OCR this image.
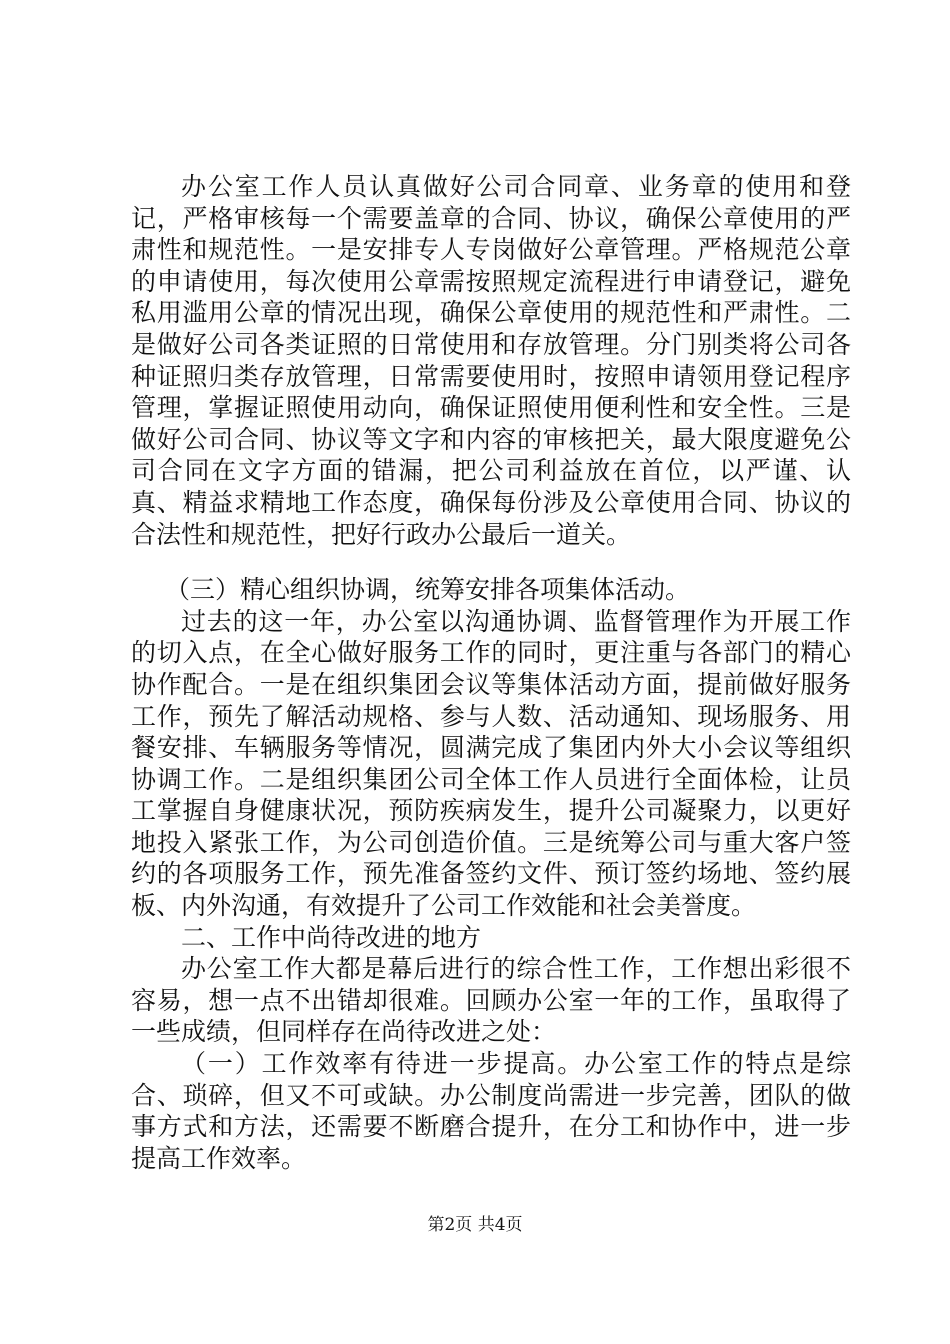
办公室工作人员认真做好公司合同章、业务章的使用和登记，严格审核每一个需要盖章的合同、协议，确保公章使用的严肃性和规范性。一是安排专人专岗做好公章管理。严格规范公章的申请使用，每次使用公章需按照规定流程进行申请登记，避免私用滥用公章的情况出现，确保公章使用的规范性和严肃性。二是做好公司各类证照的日常使用和存放管理。分门别类将公司各种证照归类存放管理，日常需要使用时，按照申请领用登记程序管理，掌握证照使用动向，确保证照使用便利性和安全性。三是做好公司合同、协议等文字和内容的审核把关，最大限度避免公司合同在文字方面的错漏，把公司利益放在首位，以严谨、认真、精益求精地工作态度，确保每份涉及公章使用合同、协议的合法性和规范性，把好行政办公最后一道关。

（三）精心组织协调，统筹安排各项集体活动。

过去的这一年，办公室以沟通协调、监督管理作为开展工作的切入点，在全心做好服务工作的同时，更注重与各部门的精心协作配合。一是在组织集团会议等集体活动方面，提前做好服务工作，预先了解活动规格、参与人数、活动通知、现场服务、用餐安排、车辆服务等情况，圆满完成了集团内外大小会议等组织协调工作。二是组织集团公司全体工作人员进行全面体检，让员工掌握自身健康状况，预防疾病发生，提升公司凝聚力，以更好地投入紧张工作，为公司创造价值。三是统筹公司与重大客户签约的各项服务工作，预先准备签约文件、预订签约场地、签约展板、内外沟通，有效提升了公司工作效能和社会美誉度。

二、工作中尚待改进的地方

办公室工作大都是幕后进行的综合性工作，工作想出彩很不容易，想一点不出错却很难。回顾办公室一年的工作，虽取得了一些成绩，但同样存在尚待改进之处：

（一）工作效率有待进一步提高。办公室工作的特点是综合、琐碎，但又不可或缺。办公制度尚需进一步完善，团队的做事方式和方法，还需要不断磨合提升，在分工和协作中，进一步提高工作效率。

第2页 共4页
